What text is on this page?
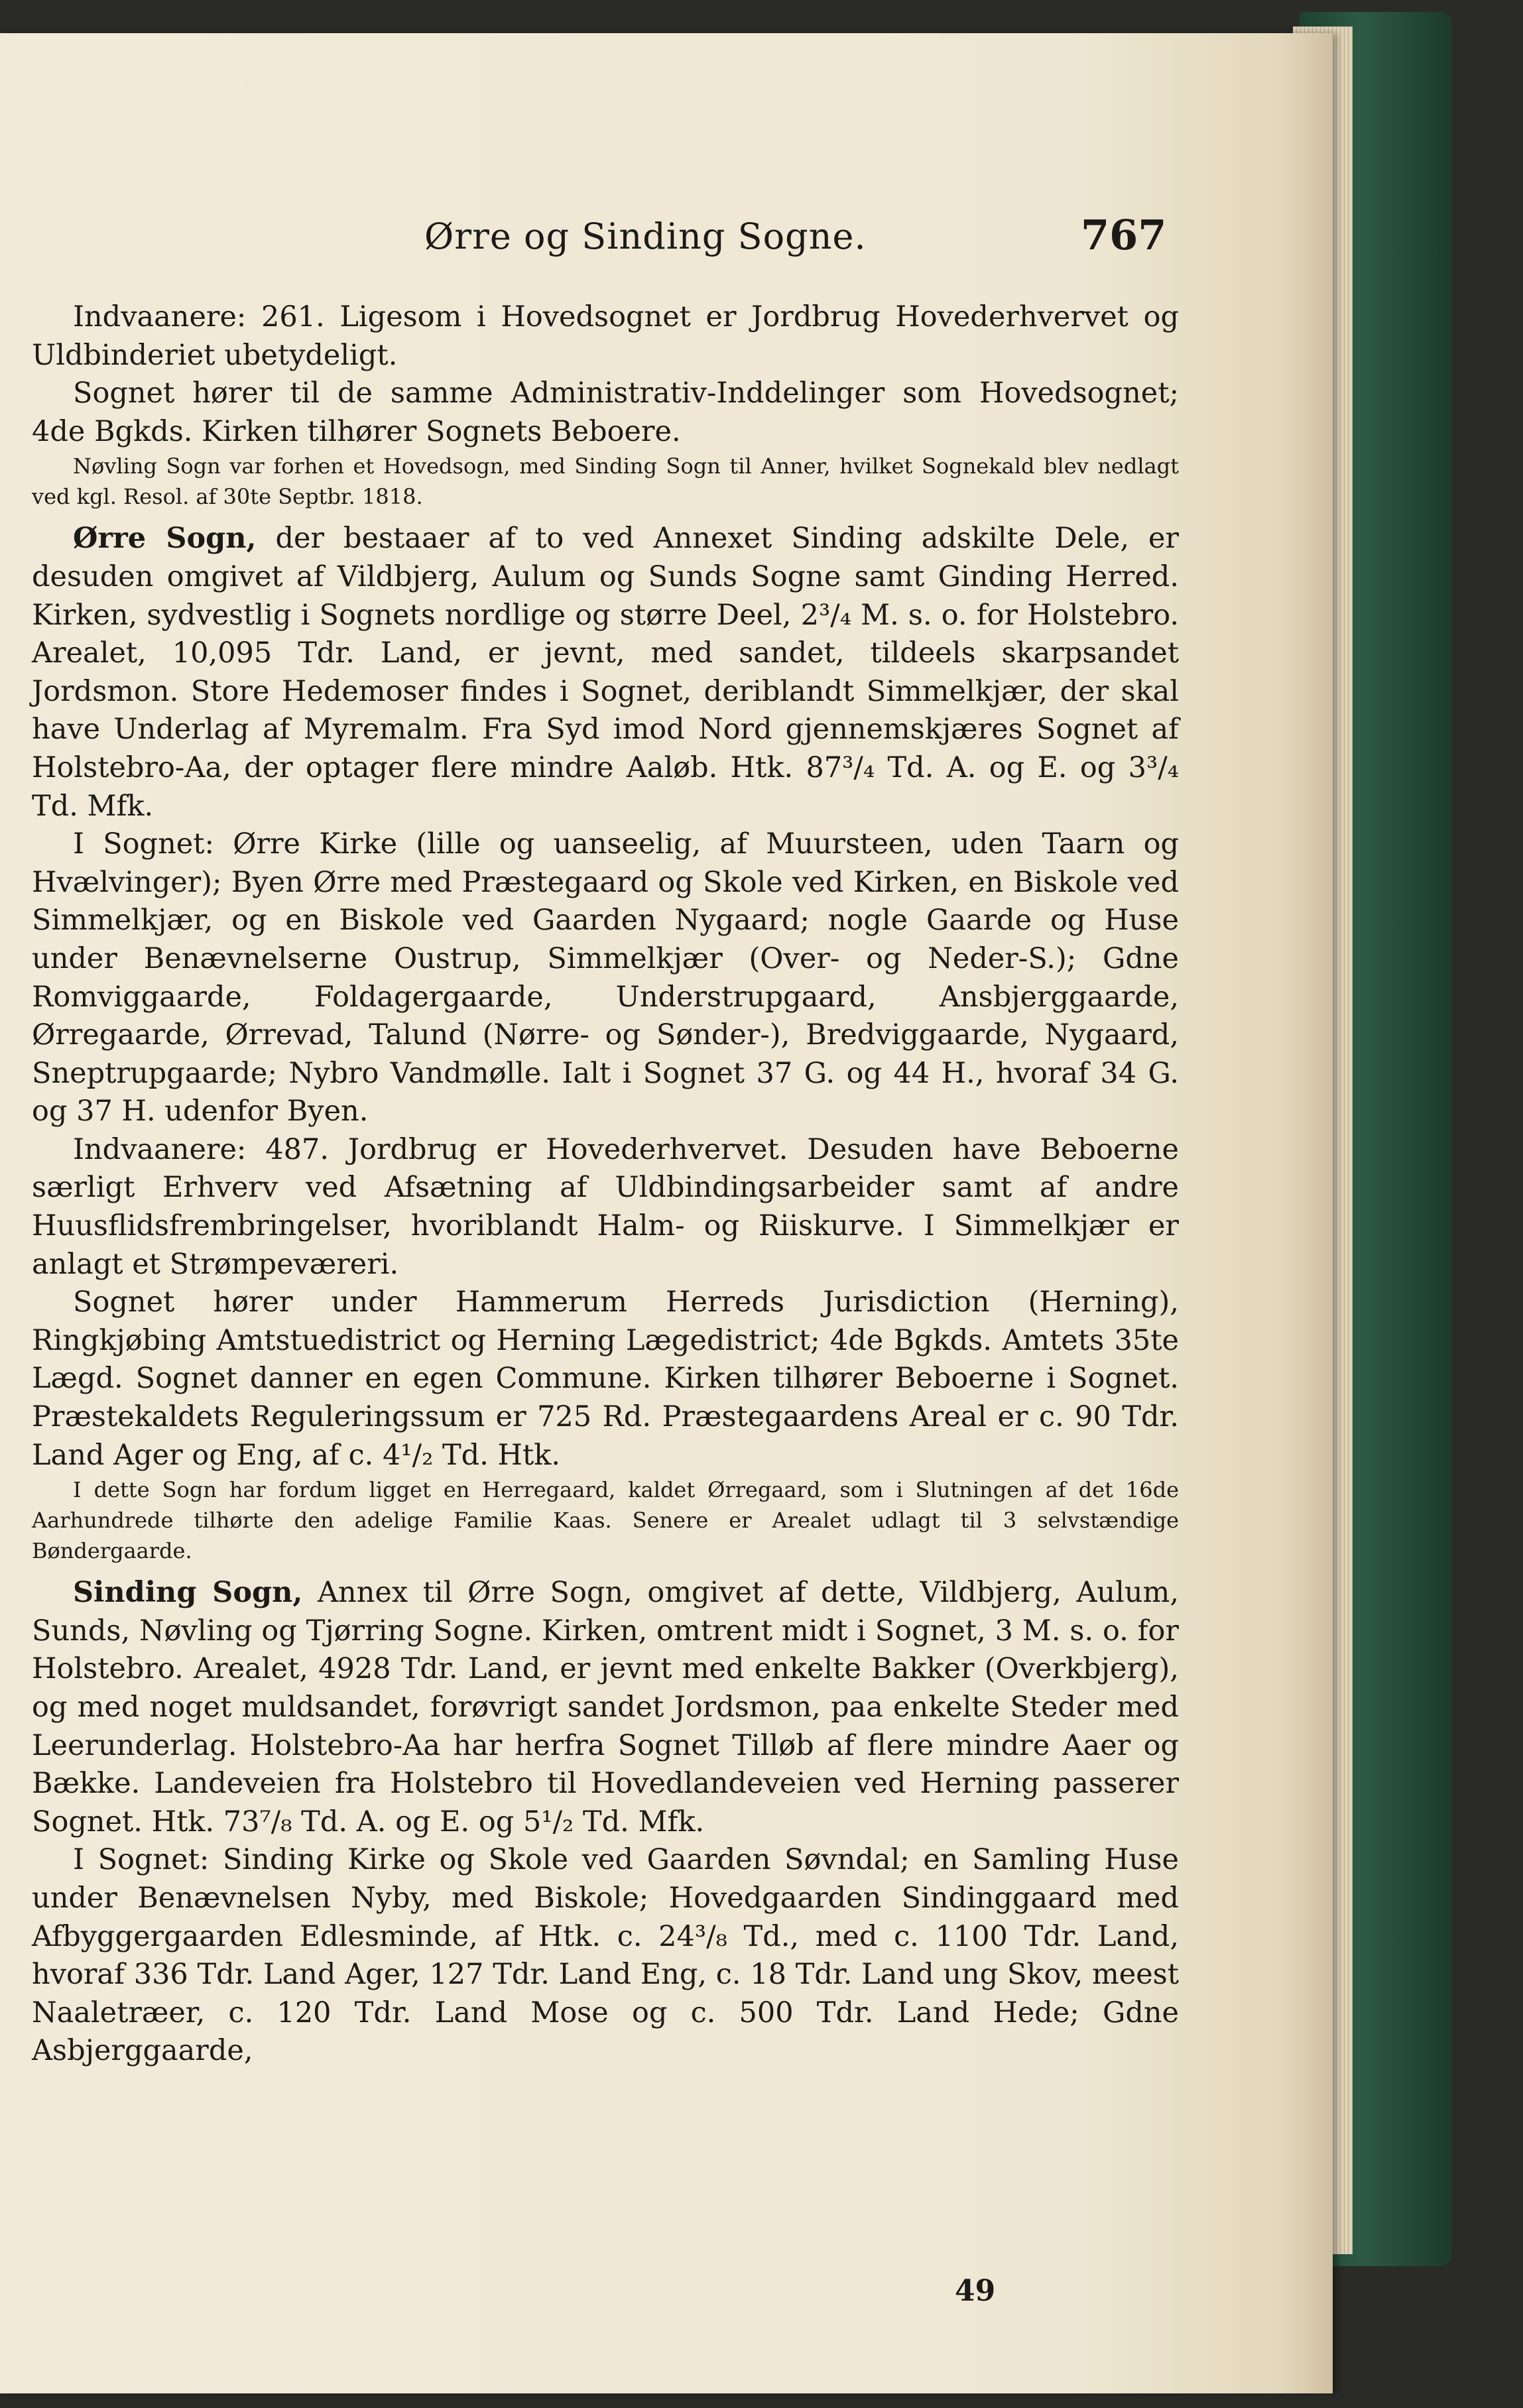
Ørre og Sinding Sogne.	767

Indvaanere: 261. Ligesom i Hovedsognet er Jordbrug Hovederhvervet og Uldbinderiet ubetydeligt.

Sognet hører til de samme Administrativ-Inddelinger som Hovedsognet; 4de Bgkds. Kirken tilhører Sognets Beboere.

Nøvling Sogn var forhen et Hovedsogn, med Sinding Sogn til Anner, hvilket Sognekald blev nedlagt ved kgl. Resol. af 30te Septbr. 1818.

Ørre Sogn, der bestaaer af to ved Annexet Sinding adskilte Dele, er desuden omgivet af Vildbjerg, Aulum og Sunds Sogne samt Ginding Herred. Kirken, sydvestlig i Sognets nordlige og større Deel, 2³/₄ M. s. o. for Holstebro. Arealet, 10,095 Tdr. Land, er jevnt, med sandet, tildeels skarpsandet Jordsmon. Store Hedemoser findes i Sognet, deriblandt Simmelkjær, der skal have Underlag af Myremalm. Fra Syd imod Nord gjennemskjæres Sognet af Holstebro-Aa, der optager flere mindre Aaløb. Htk. 87³/₄ Td. A. og E. og 3³/₄ Td. Mfk.

I Sognet: Ørre Kirke (lille og uanseelig, af Muursteen, uden Taarn og Hvælvinger); Byen Ørre med Præstegaard og Skole ved Kirken, en Biskole ved Simmelkjær, og en Biskole ved Gaarden Nygaard; nogle Gaarde og Huse under Benævnelserne Oustrup, Simmelkjær (Over- og Neder-S.); Gdne Romviggaarde, Foldagergaarde, Understrupgaard, Ansbjerggaarde, Ørregaarde, Ørrevad, Talund (Nørre- og Sønder-), Bredviggaarde, Nygaard, Sneptrupgaarde; Nybro Vandmølle. Ialt i Sognet 37 G. og 44 H., hvoraf 34 G. og 37 H. udenfor Byen.

Indvaanere: 487. Jordbrug er Hovederhvervet. Desuden have Beboerne særligt Erhverv ved Afsætning af Uldbindingsarbeider samt af andre Huusflidsfrembringelser, hvoriblandt Halm- og Riiskurve. I Simmelkjær er anlagt et Strømpeværeri.

Sognet hører under Hammerum Herreds Jurisdiction (Herning), Ringkjøbing Amtstuedistrict og Herning Lægedistrict; 4de Bgkds. Amtets 35te Lægd. Sognet danner en egen Commune. Kirken tilhører Beboerne i Sognet. Præstekaldets Reguleringssum er 725 Rd. Præstegaardens Areal er c. 90 Tdr. Land Ager og Eng, af c. 4¹/₂ Td. Htk.

I dette Sogn har fordum ligget en Herregaard, kaldet Ørregaard, som i Slutningen af det 16de Aarhundrede tilhørte den adelige Familie Kaas. Senere er Arealet udlagt til 3 selvstændige Bøndergaarde.

Sinding Sogn, Annex til Ørre Sogn, omgivet af dette, Vildbjerg, Aulum, Sunds, Nøvling og Tjørring Sogne. Kirken, omtrent midt i Sognet, 3 M. s. o. for Holstebro. Arealet, 4928 Tdr. Land, er jevnt med enkelte Bakker (Overkbjerg), og med noget muldsandet, forøvrigt sandet Jordsmon, paa enkelte Steder med Leerunderlag. Holstebro-Aa har herfra Sognet Tilløb af flere mindre Aaer og Bække. Landeveien fra Holstebro til Hovedlandeveien ved Herning passerer Sognet. Htk. 73⁷/₈ Td. A. og E. og 5¹/₂ Td. Mfk.

I Sognet: Sinding Kirke og Skole ved Gaarden Søvndal; en Samling Huse under Benævnelsen Nyby, med Biskole; Hovedgaarden Sindinggaard med Afbyggergaarden Edlesminde, af Htk. c. 24³/₈ Td., med c. 1100 Tdr. Land, hvoraf 336 Tdr. Land Ager, 127 Tdr. Land Eng, c. 18 Tdr. Land ung Skov, meest Naaletræer, c. 120 Tdr. Land Mose og c. 500 Tdr. Land Hede; Gdne Asbjerggaarde,

49
